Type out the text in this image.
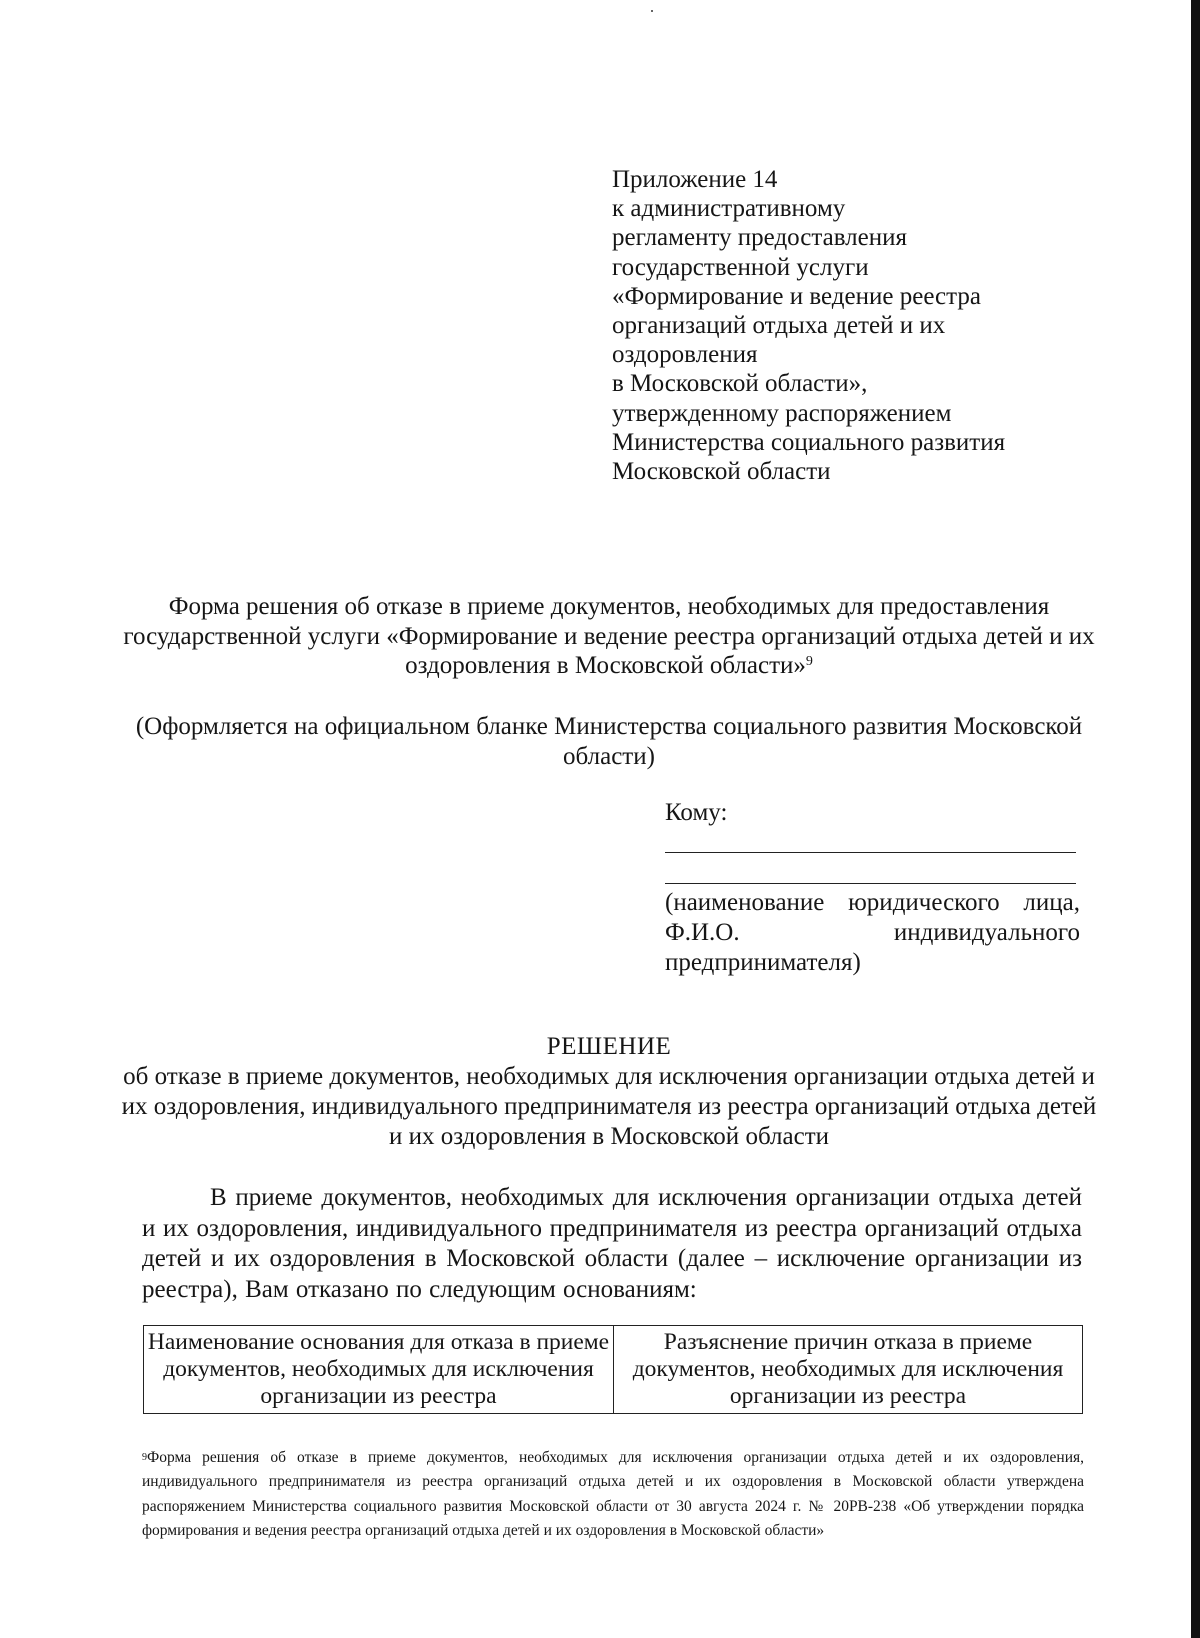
Приложение 14
к административному
регламенту предоставления
государственной услуги
«Формирование и ведение реестра
организаций отдыха детей и их
оздоровления
в Московской области»,
утвержденному распоряжением
Министерства социального развития
Московской области
Форма решения об отказе в приеме документов, необходимых для предоставления государственной услуги «Формирование и ведение реестра организаций отдыха детей и их оздоровления в Московской области»$^9$
(Оформляется на официальном бланке Министерства социального развития Московской области)
Кому:
(наименование юридического лица, Ф.И.О. индивидуального
предпринимателя)
РЕШЕНИЕ
об отказе в приеме документов, необходимых для исключения организации отдыха детей и их оздоровления, индивидуального предпринимателя из реестра организаций отдыха детей и их оздоровления в Московской области
В приеме документов, необходимых для исключения организации отдыха детей и их оздоровления, индивидуального предпринимателя из реестра организаций отдыха детей и их оздоровления в Московской области (далее – исключение организации из реестра), Вам отказано по следующим основаниям:
Наименование основания для отказа в приеме документов, необходимых для исключения организации из реестра
Разъяснение причин отказа в приеме документов, необходимых для исключения организации из реестра
$^9$Форма решения об отказе в приеме документов, необходимых для исключения организации отдыха детей и их оздоровления, индивидуального предпринимателя из реестра организаций отдыха детей и их оздоровления в Московской области утверждена распоряжением Министерства социального развития Московской области от 30 августа 2024 г. № 20РВ-238 «Об утверждении порядка формирования и ведения реестра организаций отдыха детей и их оздоровления в Московской области»
